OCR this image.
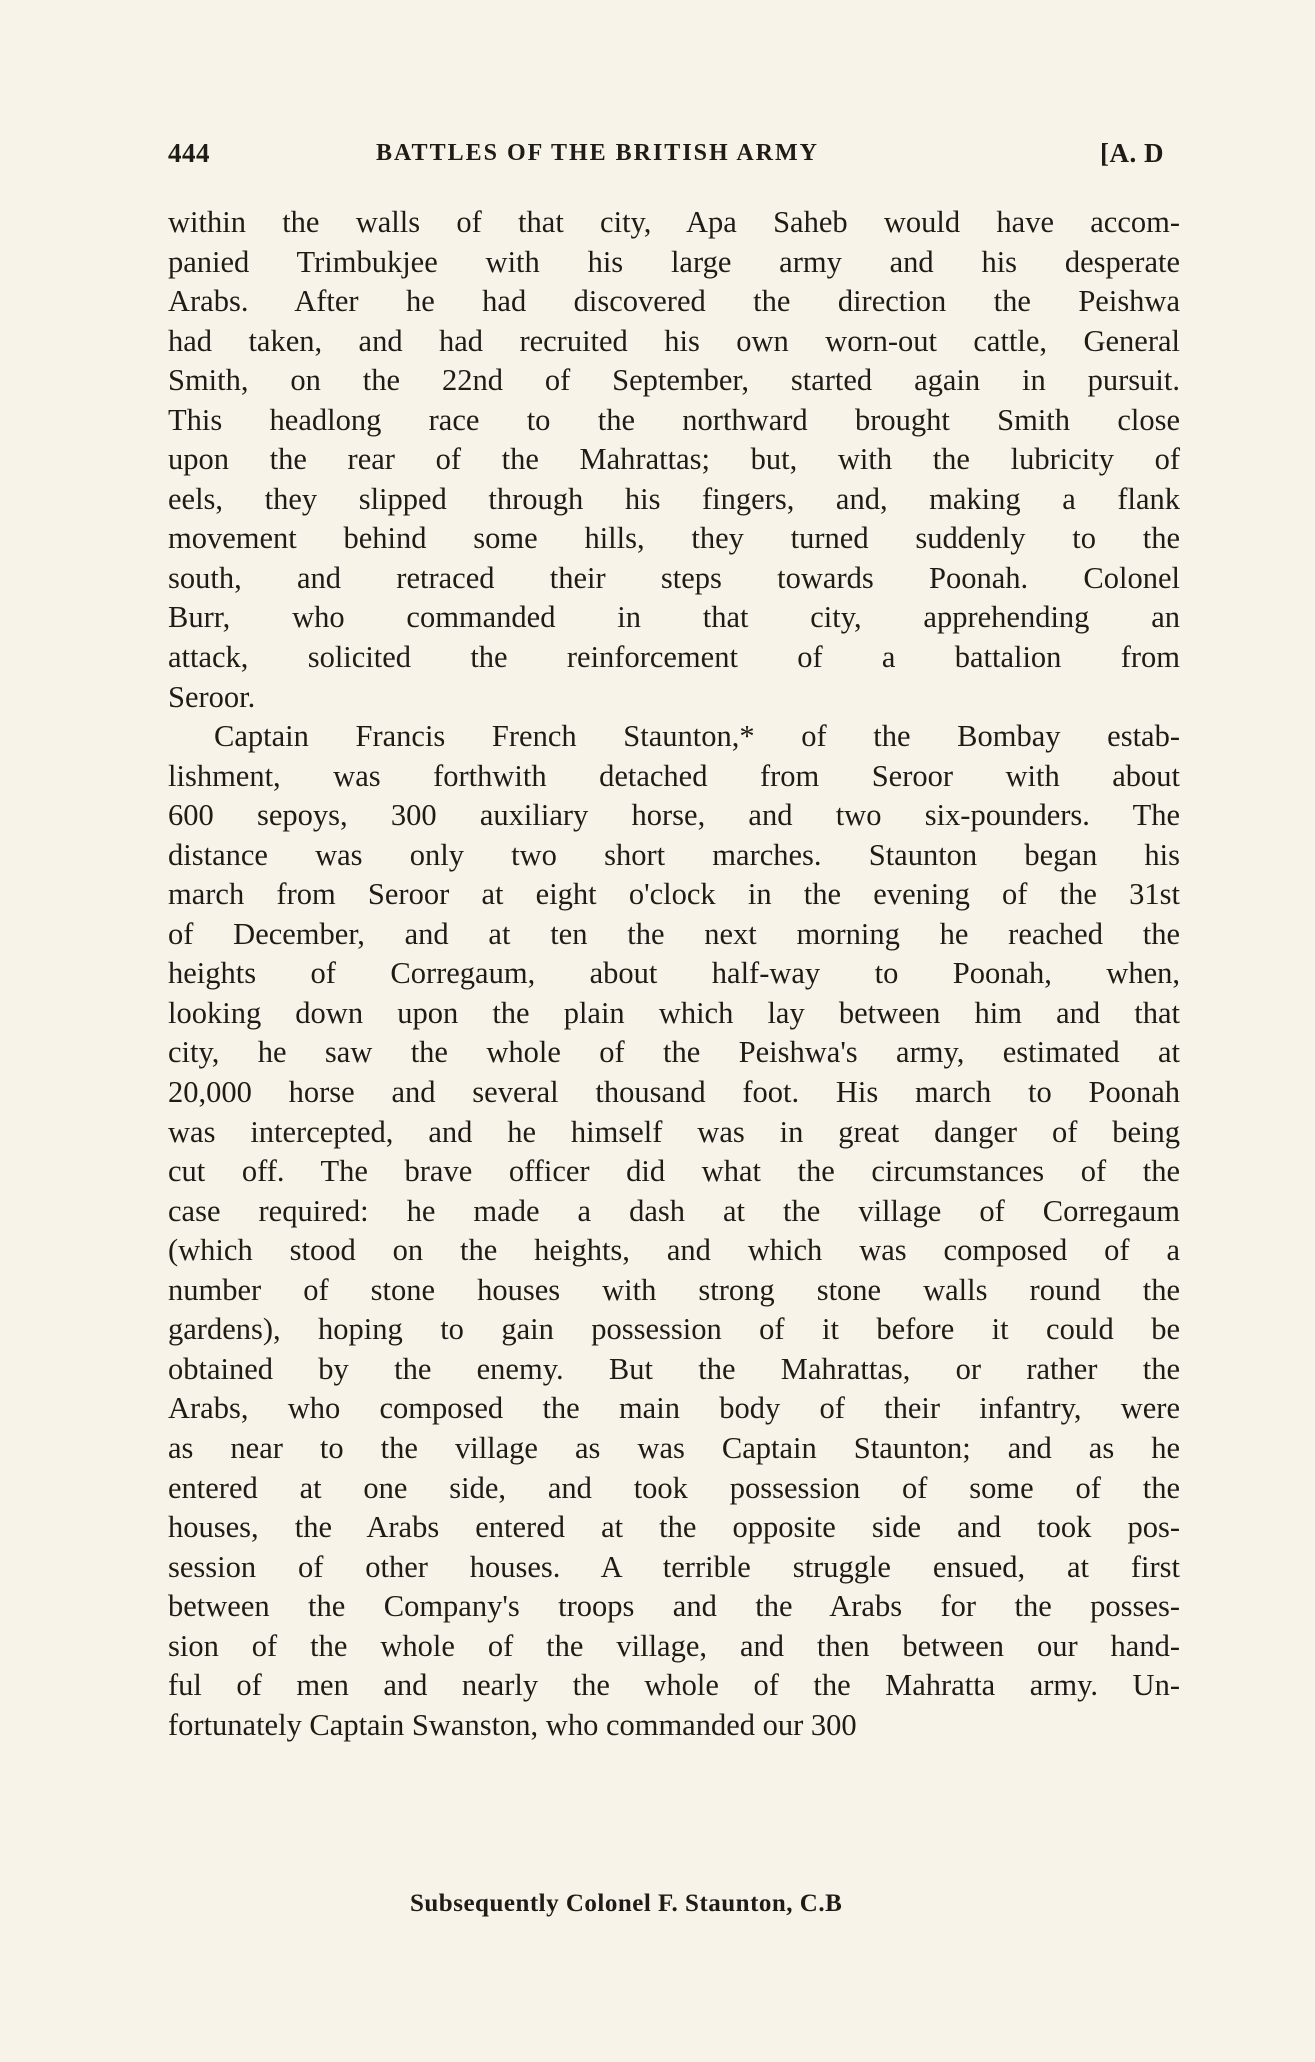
444	BATTLES OF THE BRITISH ARMY	[A. D
within the walls of that city, Apa Saheb would have accom-
panied Trimbukjee with his large army and his desperate
Arabs. After he had discovered the direction the Peishwa
had taken, and had recruited his own worn-out cattle, General
Smith, on the 22nd of September, started again in pursuit.
This headlong race to the northward brought Smith close
upon the rear of the Mahrattas; but, with the lubricity of
eels, they slipped through his fingers, and, making a flank
movement behind some hills, they turned suddenly to the
south, and retraced their steps towards Poonah. Colonel
Burr, who commanded in that city, apprehending an
attack, solicited the reinforcement of a battalion from
Seroor.
Captain Francis French Staunton,* of the Bombay estab-
lishment, was forthwith detached from Seroor with about
600 sepoys, 300 auxiliary horse, and two six-pounders. The
distance was only two short marches. Staunton began his
march from Seroor at eight o'clock in the evening of the 31st
of December, and at ten the next morning he reached the
heights of Corregaum, about half-way to Poonah, when,
looking down upon the plain which lay between him and that
city, he saw the whole of the Peishwa's army, estimated at
20,000 horse and several thousand foot. His march to Poonah
was intercepted, and he himself was in great danger of being
cut off. The brave officer did what the circumstances of the
case required: he made a dash at the village of Corregaum
(which stood on the heights, and which was composed of a
number of stone houses with strong stone walls round the
gardens), hoping to gain possession of it before it could be
obtained by the enemy. But the Mahrattas, or rather the
Arabs, who composed the main body of their infantry, were
as near to the village as was Captain Staunton; and as he
entered at one side, and took possession of some of the
houses, the Arabs entered at the opposite side and took pos-
session of other houses. A terrible struggle ensued, at first
between the Company's troops and the Arabs for the posses-
sion of the whole of the village, and then between our hand-
ful of men and nearly the whole of the Mahratta army. Un-
fortunately Captain Swanston, who commanded our 300
Subsequently Colonel F. Staunton, C.B
